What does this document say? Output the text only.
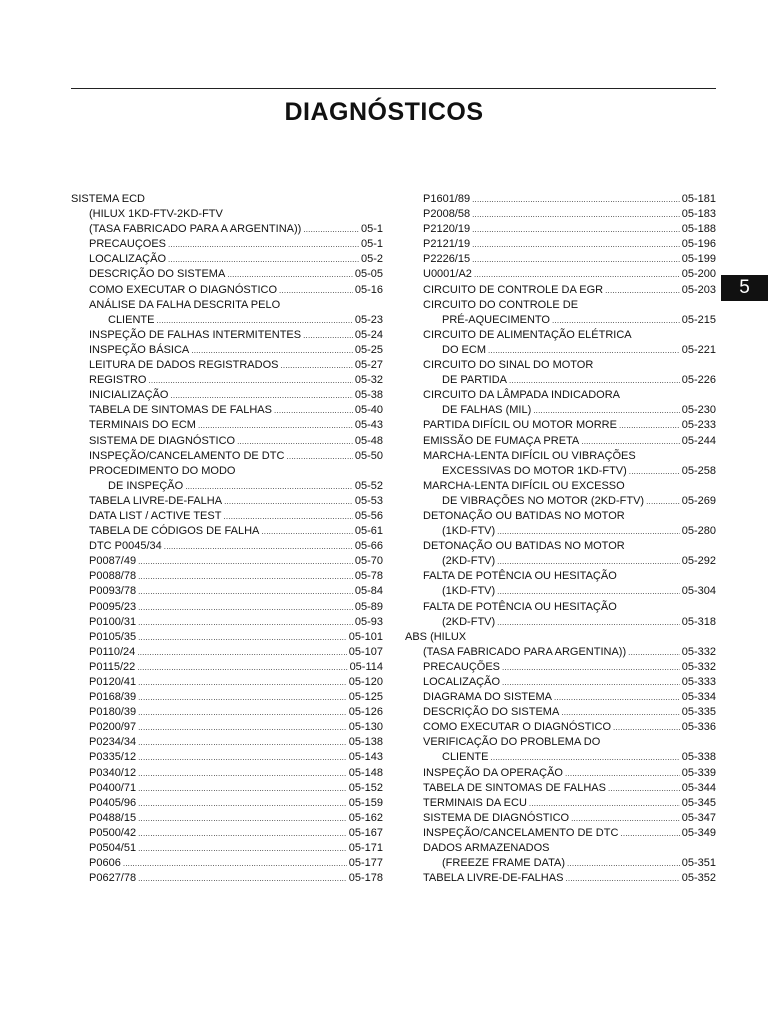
DIAGNÓSTICOS
SISTEMA ECD
(HILUX 1KD-FTV-2KD-FTV
(TASA FABRICADO PARA A ARGENTINA)) .....	05-1
PRECAUÇOES .....	05-1
LOCALIZAÇÃO .....	05-2
DESCRIÇÃO DO SISTEMA .....	05-05
COMO EXECUTAR O DIAGNÓSTICO .....	05-16
ANÁLISE DA FALHA DESCRITA PELO
CLIENTE .....	05-23
INSPEÇÃO DE FALHAS INTERMITENTES .....	05-24
INSPEÇÃO BÁSICA .....	05-25
LEITURA DE DADOS REGISTRADOS .....	05-27
REGISTRO .....	05-32
INICIALIZAÇÃO .....	05-38
TABELA DE SINTOMAS DE FALHAS .....	05-40
TERMINAIS DO ECM .....	05-43
SISTEMA DE DIAGNÓSTICO .....	05-48
INSPEÇÃO/CANCELAMENTO DE DTC .....	05-50
PROCEDIMENTO DO MODO
DE INSPEÇÃO .....	05-52
TABELA LIVRE-DE-FALHA .....	05-53
DATA LIST / ACTIVE TEST .....	05-56
TABELA DE CÓDIGOS DE FALHA .....	05-61
DTC P0045/34 .....	05-66
P0087/49 .....	05-70
P0088/78 .....	05-78
P0093/78 .....	05-84
P0095/23 .....	05-89
P0100/31 .....	05-93
P0105/35 .....	05-101
P0110/24 .....	05-107
P0115/22 .....	05-114
P0120/41 .....	05-120
P0168/39 .....	05-125
P0180/39 .....	05-126
P0200/97 .....	05-130
P0234/34 .....	05-138
P0335/12 .....	05-143
P0340/12 .....	05-148
P0400/71 .....	05-152
P0405/96 .....	05-159
P0488/15 .....	05-162
P0500/42 .....	05-167
P0504/51 .....	05-171
P0606 .....	05-177
P0627/78 .....	05-178
P1601/89 .....	05-181
P2008/58 .....	05-183
P2120/19 .....	05-188
P2121/19 .....	05-196
P2226/15 .....	05-199
U0001/A2 .....	05-200
CIRCUITO DE CONTROLE DA EGR .....	05-203
CIRCUITO DO CONTROLE DE
PRÉ-AQUECIMENTO .....	05-215
CIRCUITO DE ALIMENTAÇÃO ELÉTRICA
DO ECM .....	05-221
CIRCUITO DO SINAL DO MOTOR
DE PARTIDA .....	05-226
CIRCUITO DA LÂMPADA INDICADORA
DE FALHAS (MIL) .....	05-230
PARTIDA DIFÍCIL OU MOTOR MORRE .....	05-233
EMISSÃO DE FUMAÇA PRETA .....	05-244
MARCHA-LENTA DIFÍCIL OU VIBRAÇÕES
EXCESSIVAS DO MOTOR 1KD-FTV) .....	05-258
MARCHA-LENTA DIFÍCIL OU EXCESSO
DE VIBRAÇÕES NO MOTOR (2KD-FTV) .....	05-269
DETONAÇÃO OU BATIDAS NO MOTOR
(1KD-FTV) .....	05-280
DETONAÇÃO OU BATIDAS NO MOTOR
(2KD-FTV) .....	05-292
FALTA DE POTÊNCIA OU HESITAÇÃO
(1KD-FTV) .....	05-304
FALTA DE POTÊNCIA OU HESITAÇÃO
(2KD-FTV) .....	05-318
ABS (HILUX
(TASA FABRICADO PARA ARGENTINA)) .....	05-332
PRECAUÇÕES .....	05-332
LOCALIZAÇÃO .....	05-333
DIAGRAMA DO SISTEMA .....	05-334
DESCRIÇÃO DO SISTEMA .....	05-335
COMO EXECUTAR O DIAGNÓSTICO .....	05-336
VERIFICAÇÃO DO PROBLEMA DO
CLIENTE .....	05-338
INSPEÇÃO DA OPERAÇÃO .....	05-339
TABELA DE SINTOMAS DE FALHAS .....	05-344
TERMINAIS DA ECU .....	05-345
SISTEMA DE DIAGNÓSTICO .....	05-347
INSPEÇÃO/CANCELAMENTO DE DTC .....	05-349
DADOS ARMAZENADOS
(FREEZE FRAME DATA) .....	05-351
TABELA LIVRE-DE-FALHAS .....	05-352
5
